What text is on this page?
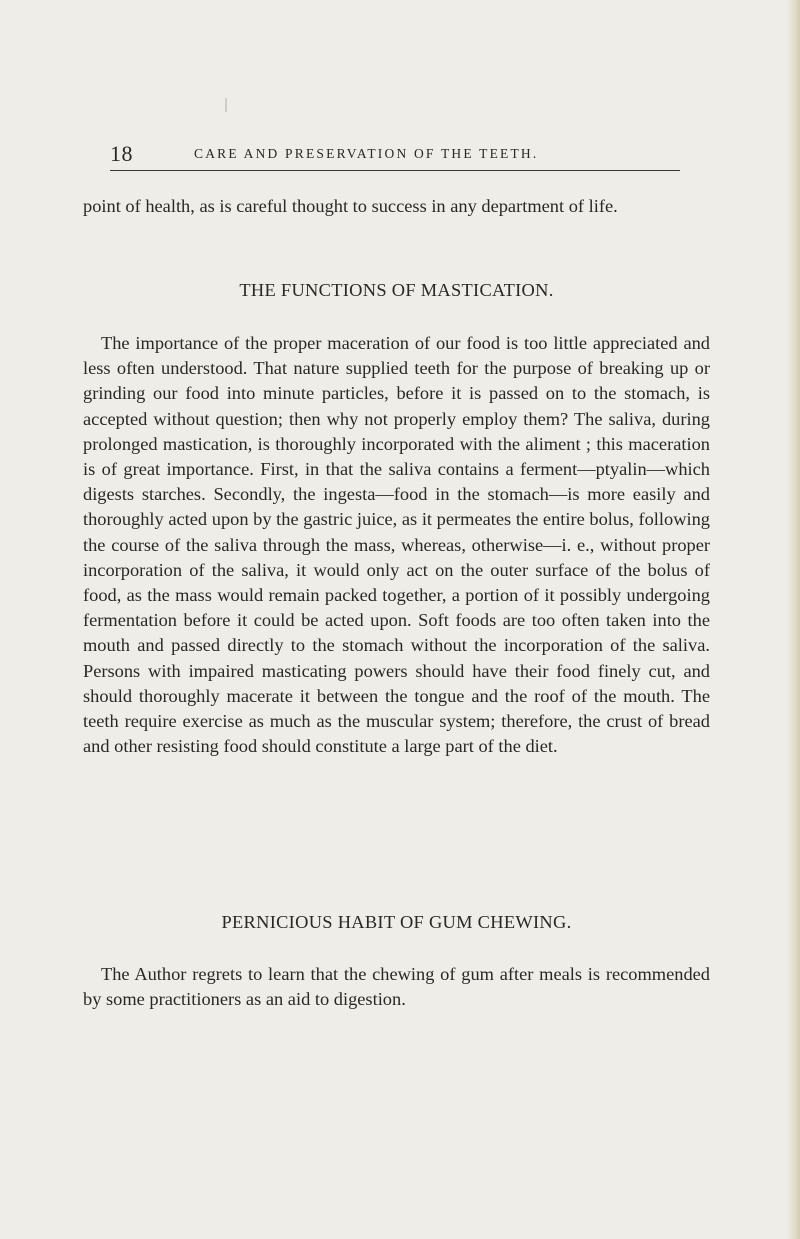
18	CARE AND PRESERVATION OF THE TEETH.

point of health, as is careful thought to success in any department of life.

THE FUNCTIONS OF MASTICATION.

The importance of the proper maceration of our food is too little appreciated and less often understood. That nature supplied teeth for the purpose of breaking up or grinding our food into minute particles, before it is passed on to the stomach, is accepted without question; then why not properly employ them? The saliva, during prolonged mastication, is thoroughly incorporated with the aliment ; this maceration is of great importance. First, in that the saliva contains a ferment—ptyalin—which digests starches. Secondly, the ingesta—food in the stomach—is more easily and thoroughly acted upon by the gastric juice, as it permeates the entire bolus, following the course of the saliva through the mass, whereas, otherwise—i. e., without proper incorporation of the saliva, it would only act on the outer surface of the bolus of food, as the mass would remain packed together, a portion of it possibly undergoing fermentation before it could be acted upon. Soft foods are too often taken into the mouth and passed directly to the stomach without the incorporation of the saliva. Persons with impaired masticating powers should have their food finely cut, and should thoroughly macerate it between the tongue and the roof of the mouth. The teeth require exercise as much as the muscular system; therefore, the crust of bread and other resisting food should constitute a large part of the diet.

PERNICIOUS HABIT OF GUM CHEWING.

The Author regrets to learn that the chewing of gum after meals is recommended by some practitioners as an aid to digestion.
